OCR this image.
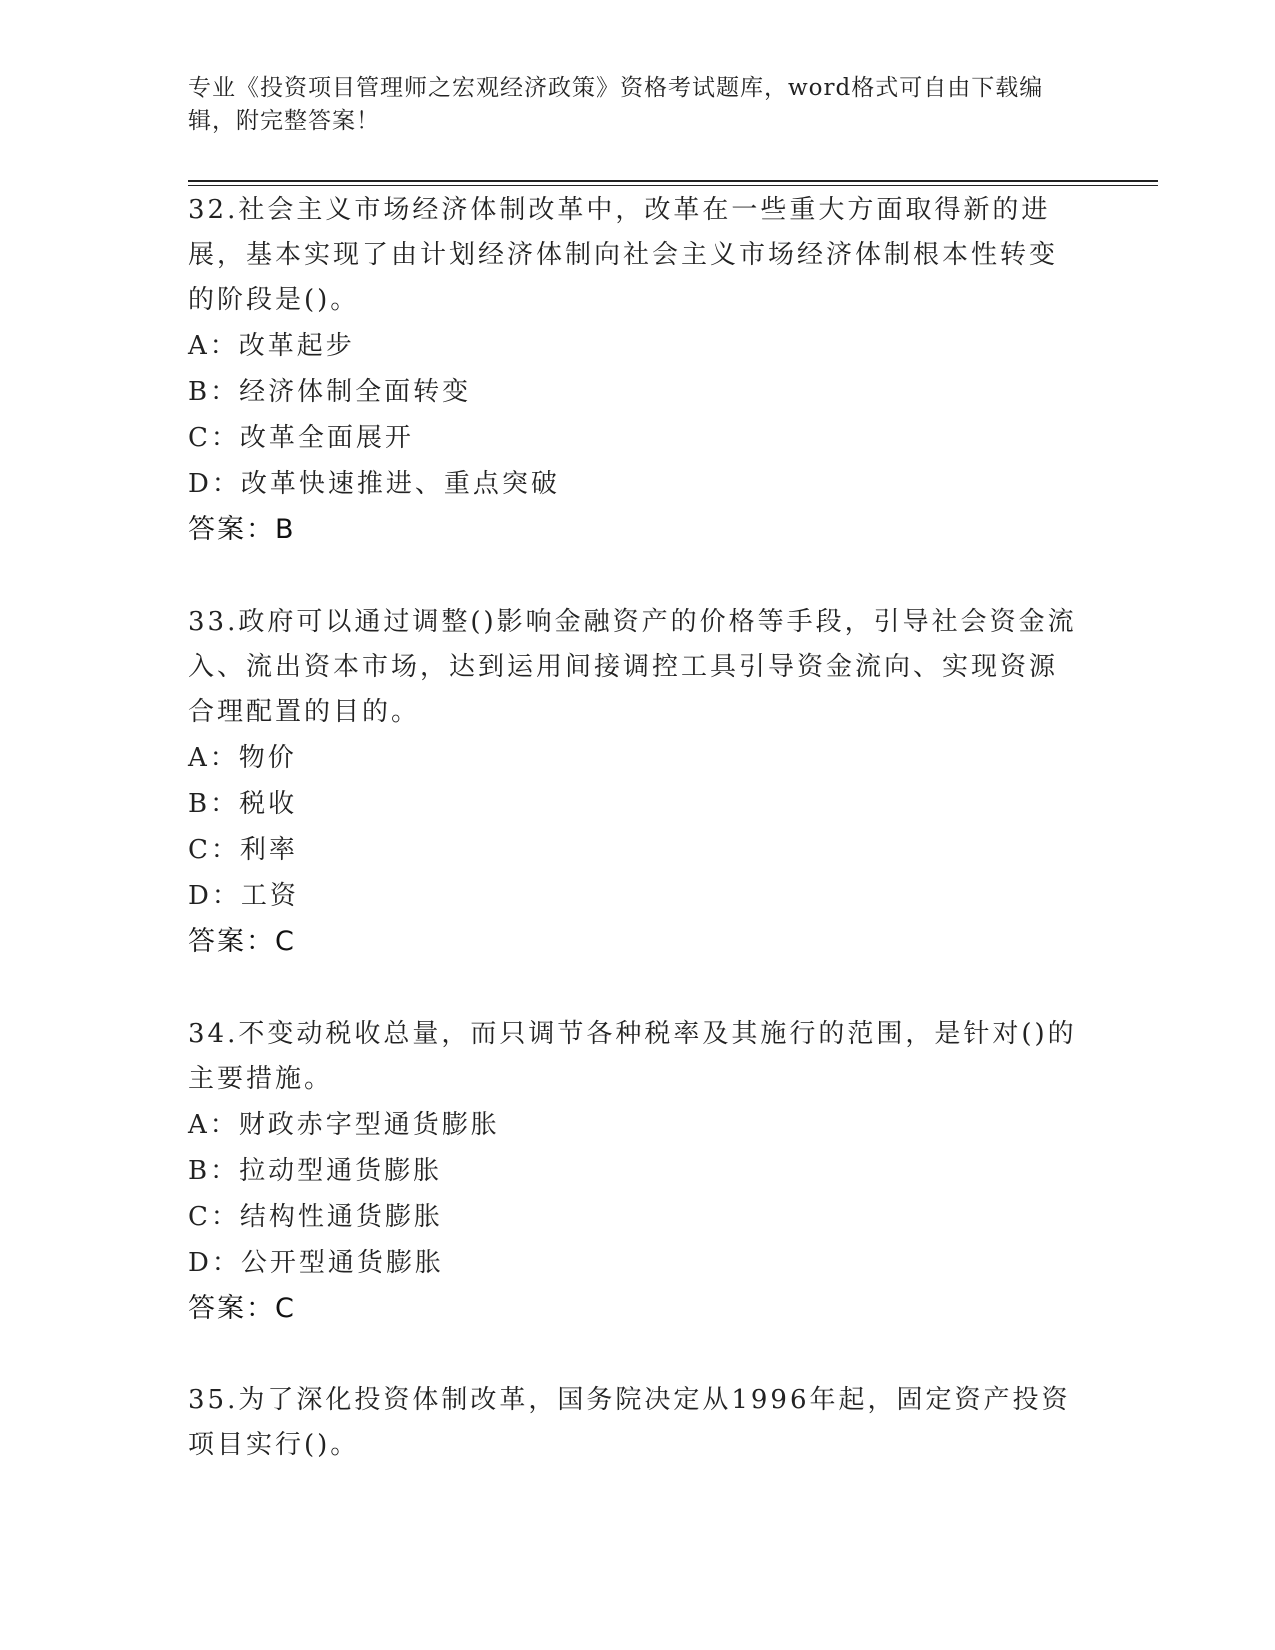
专业《投资项目管理师之宏观经济政策》资格考试题库，word格式可自由下载编辑，附完整答案！

32.社会主义市场经济体制改革中，改革在一些重大方面取得新的进展，基本实现了由计划经济体制向社会主义市场经济体制根本性转变的阶段是()。

A：改革起步

B：经济体制全面转变

C：改革全面展开

D：改革快速推进、重点突破

答案：B

33.政府可以通过调整()影响金融资产的价格等手段，引导社会资金流入、流出资本市场，达到运用间接调控工具引导资金流向、实现资源合理配置的目的。

A：物价

B：税收

C：利率

D：工资

答案：C

34.不变动税收总量，而只调节各种税率及其施行的范围，是针对()的主要措施。

A：财政赤字型通货膨胀

B：拉动型通货膨胀

C：结构性通货膨胀

D：公开型通货膨胀

答案：C

35.为了深化投资体制改革，国务院决定从1996年起，固定资产投资项目实行()。
